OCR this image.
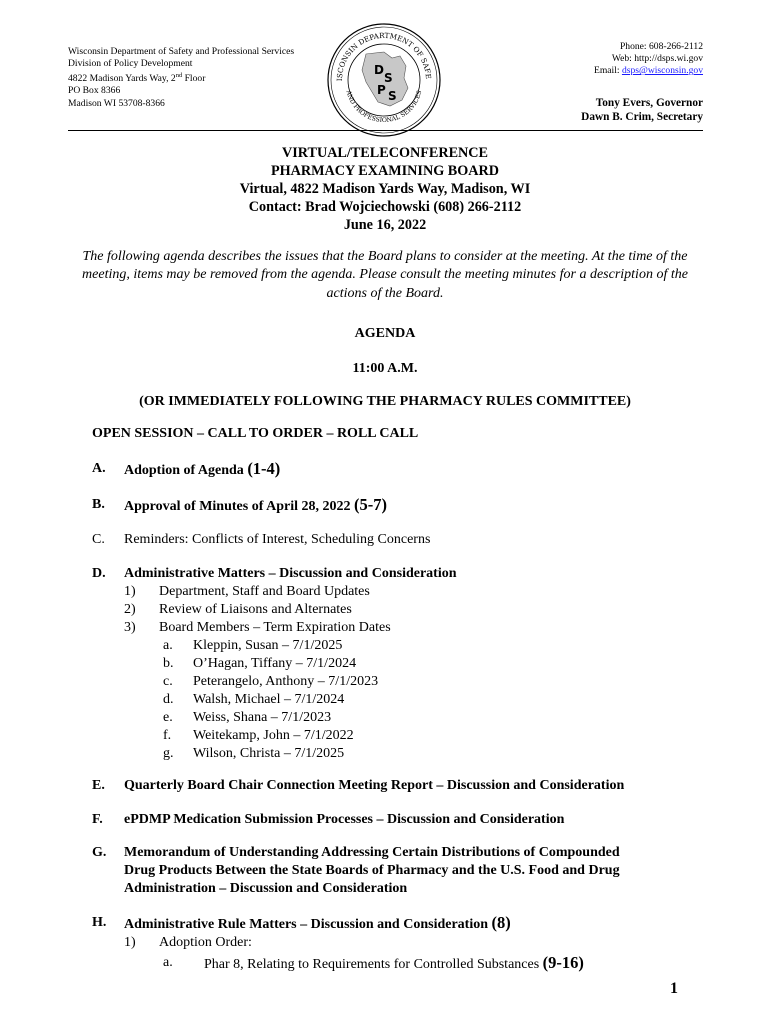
Wisconsin Department of Safety and Professional Services
Division of Policy Development
4822 Madison Yards Way, 2nd Floor
PO Box 8366
Madison WI 53708-8366
ISCONSIN DEPARTMENT OF SAFE
AND PROFESSIONAL SERVICES
D
S
P S
Phone: 608-266-2112
Web: http://dsps.wi.gov
Email: dsps@wisconsin.gov
Tony Evers, Governor
Dawn B. Crim, Secretary
VIRTUAL/TELECONFERENCE
PHARMACY EXAMINING BOARD
Virtual, 4822 Madison Yards Way, Madison, WI
Contact: Brad Wojciechowski (608) 266-2112
June 16, 2022
The following agenda describes the issues that the Board plans to consider at the meeting. At the time of the meeting, items may be removed from the agenda. Please consult the meeting minutes for a description of the actions of the Board.
AGENDA
11:00 A.M.
(OR IMMEDIATELY FOLLOWING THE PHARMACY RULES COMMITTEE)
OPEN SESSION – CALL TO ORDER – ROLL CALL
A. Adoption of Agenda (1-4)
B. Approval of Minutes of April 28, 2022 (5-7)
C. Reminders: Conflicts of Interest, Scheduling Concerns
D. Administrative Matters – Discussion and Consideration
1) Department, Staff and Board Updates
2) Review of Liaisons and Alternates
3) Board Members – Term Expiration Dates
a. Kleppin, Susan – 7/1/2025
b. O’Hagan, Tiffany – 7/1/2024
c. Peterangelo, Anthony – 7/1/2023
d. Walsh, Michael – 7/1/2024
e. Weiss, Shana – 7/1/2023
f. Weitekamp, John – 7/1/2022
g. Wilson, Christa – 7/1/2025
E. Quarterly Board Chair Connection Meeting Report – Discussion and Consideration
F. ePDMP Medication Submission Processes – Discussion and Consideration
G. Memorandum of Understanding Addressing Certain Distributions of Compounded
Drug Products Between the State Boards of Pharmacy and the U.S. Food and Drug
Administration – Discussion and Consideration
H. Administrative Rule Matters – Discussion and Consideration (8)
1) Adoption Order:
a. Phar 8, Relating to Requirements for Controlled Substances (9-16)
1
